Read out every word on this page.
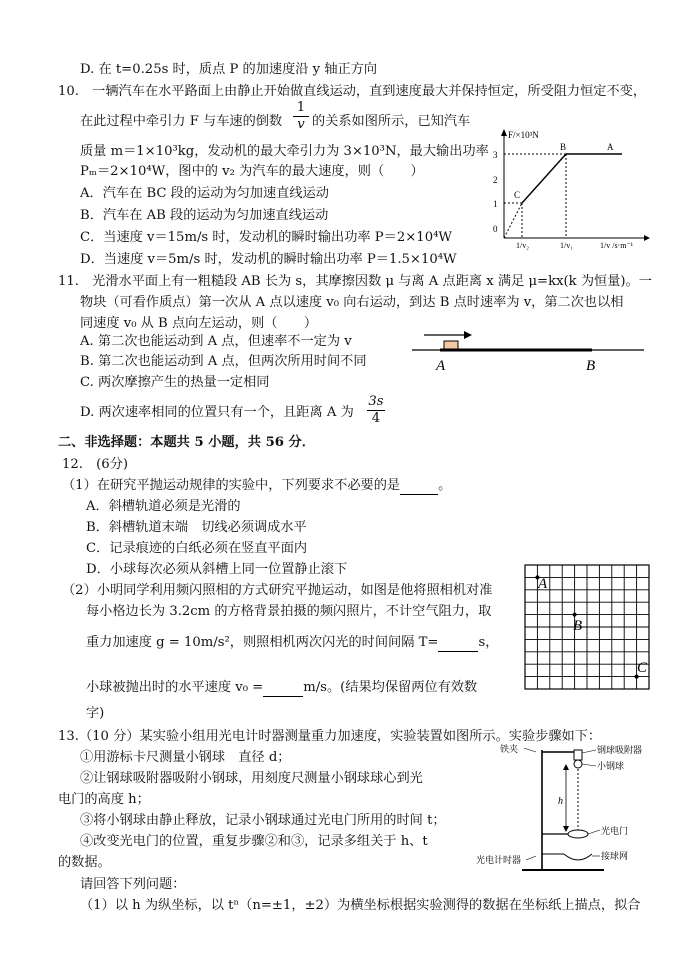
D. 在 t=0.25s 时，质点 P 的加速度沿 y 轴正方向
10.　一辆汽车在水平路面上由静止开始做直线运动，直到速度最大并保持恒定，所受阻力恒定不变，
在此过程中牵引力 F 与车速的倒数 $\frac{1}{v}$ 的关系如图所示，已知汽车
质量 m＝1×10³kg，发动机的最大牵引力为 3×10³N，最大输出功率
Pₘ＝2×10⁴W，图中的 v₂ 为汽车的最大速度，则（　　）
A．汽车在 BC 段的运动为匀加速直线运动
B．汽车在 AB 段的运动为匀加速直线运动
C．当速度 v＝15m/s 时，发动机的瞬时输出功率 P＝2×10⁴W
D．当速度 v＝5m/s 时，发动机的瞬时输出功率 P＝1.5×10⁴W
F/×10³N
3
2
1
0
C
B	A
1/v₂	1/v₁	1/v /s·m⁻¹
11.　光滑水平面上有一粗糙段 AB 长为 s，其摩擦因数 μ 与离 A 点距离 x 满足 μ=kx(k 为恒量)。一
物块（可看作质点）第一次从 A 点以速度 v₀ 向右运动，到达 B 点时速率为 v，第二次也以相
同速度 v₀ 从 B 点向左运动，则（　　）
A. 第二次也能运动到 A 点，但速率不一定为 v
B. 第二次也能运动到 A 点，但两次所用时间不同
C. 两次摩擦产生的热量一定相同
D. 两次速率相同的位置只有一个，且距离 A 为 $\frac{3s}{4}$
A	B
二、非选择题：本题共 5 小题，共 56 分．
12.　(6分)
（1）在研究平抛运动规律的实验中，下列要求不必要的是	。
A．斜槽轨道必须是光滑的
B．斜槽轨道末端　切线必须调成水平
C．记录痕迹的白纸必须在竖直平面内
D．小球每次必须从斜槽上同一位置静止滚下
（2）小明同学利用频闪照相的方式研究平抛运动，如图是他将照相机对准
每小格边长为 3.2cm 的方格背景拍摄的频闪照片，不计空气阻力，取
重力加速度 g = 10m/s²，则照相机两次闪光的时间间隔 T=	s，
小球被抛出时的水平速度 v₀ =	m/s。(结果均保留两位有效数
字)
A
B
C
13.（10 分）某实验小组用光电计时器测量重力加速度，实验装置如图所示。实验步骤如下：
①用游标卡尺测量小钢球　直径 d；
②让钢球吸附器吸附小钢球，用刻度尺测量小钢球球心到光
电门的高度 h；
③将小钢球由静止释放，记录小钢球通过光电门所用的时间 t；
④改变光电门的位置，重复步骤②和③，记录多组关于 h、t
的数据。
请回答下列问题：
（1）以 h 为纵坐标，以 tⁿ（n=±1，±2）为横坐标根据实验测得的数据在坐标纸上描点，拟合
h
铁夹	钢球吸附器
小钢球
光电门
光电计时器	接球网
